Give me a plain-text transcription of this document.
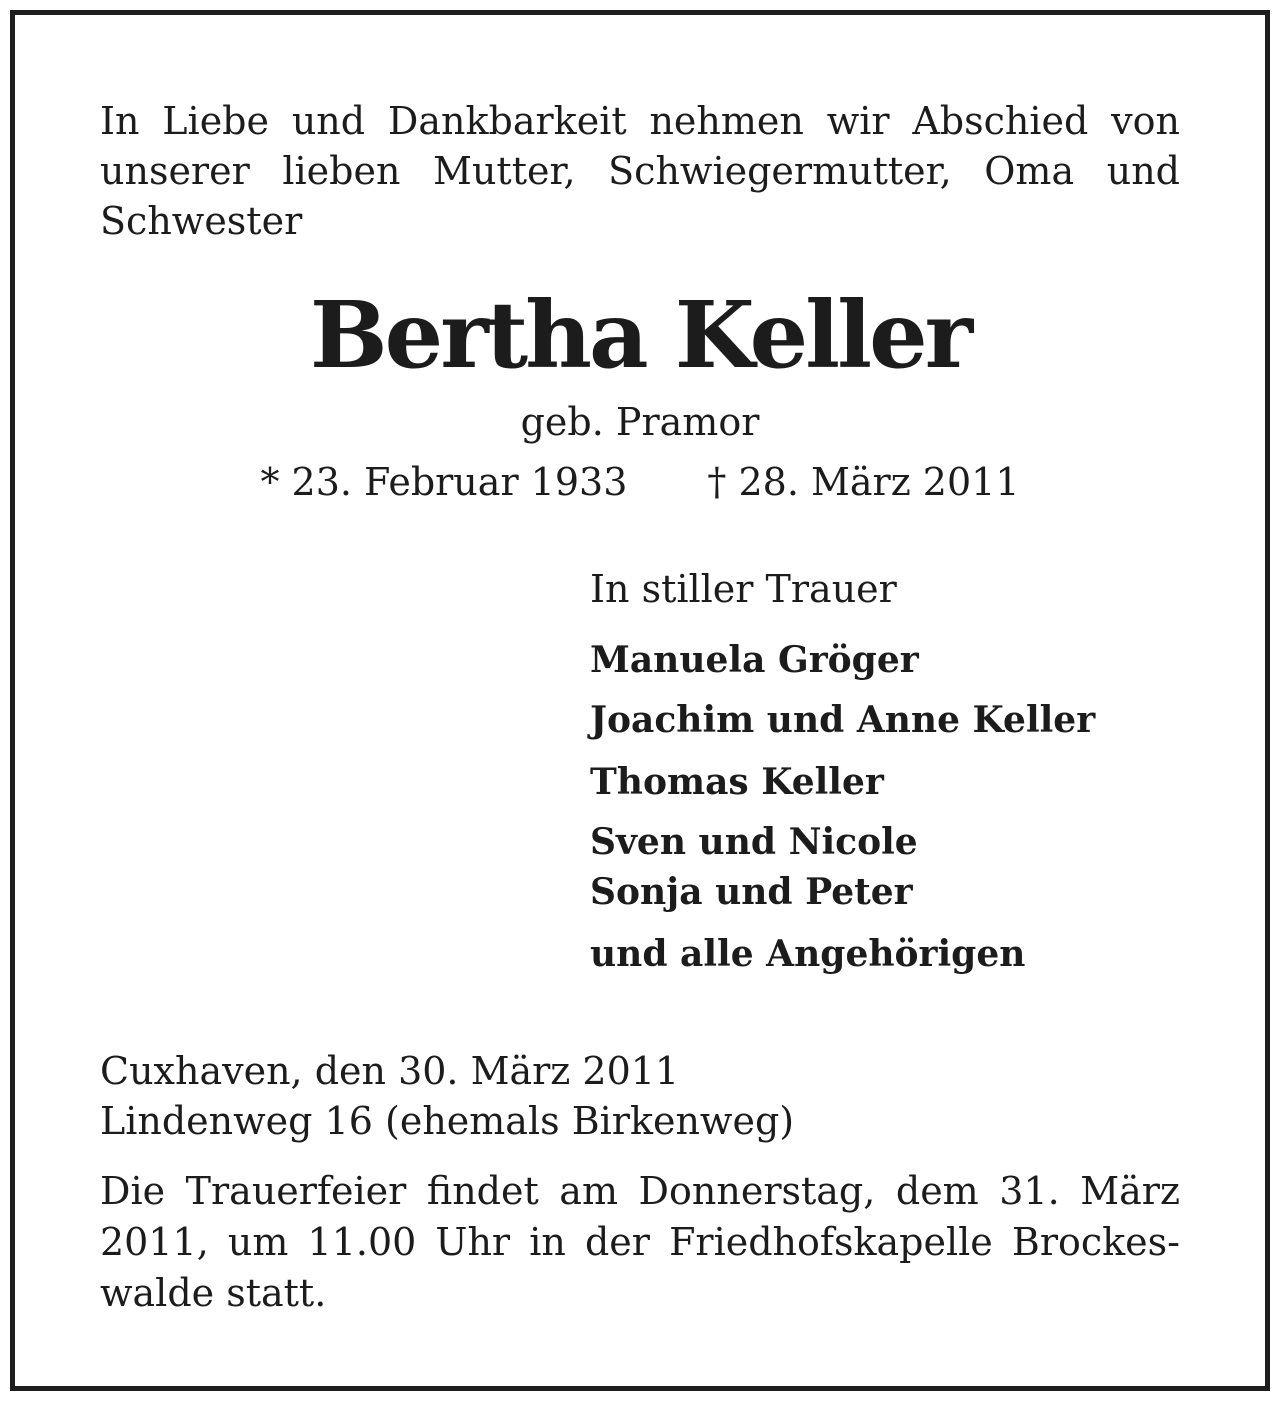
In Liebe und Dankbarkeit nehmen wir Abschied von unserer lieben Mutter, Schwiegermutter, Oma und Schwester

Bertha Keller

geb. Pramor

* 23. Februar 1933 † 28. März 2011

In stiller Trauer

Manuela Gröger
Joachim und Anne Keller
Thomas Keller
Sven und Nicole
Sonja und Peter
und alle Angehörigen

Cuxhaven, den 30. März 2011

Lindenweg 16 (ehemals Birkenweg)

Die Trauerfeier findet am Donnerstag, dem 31. März
2011, um 11.00 Uhr in der Friedhofskapelle Brockes-
walde statt.
